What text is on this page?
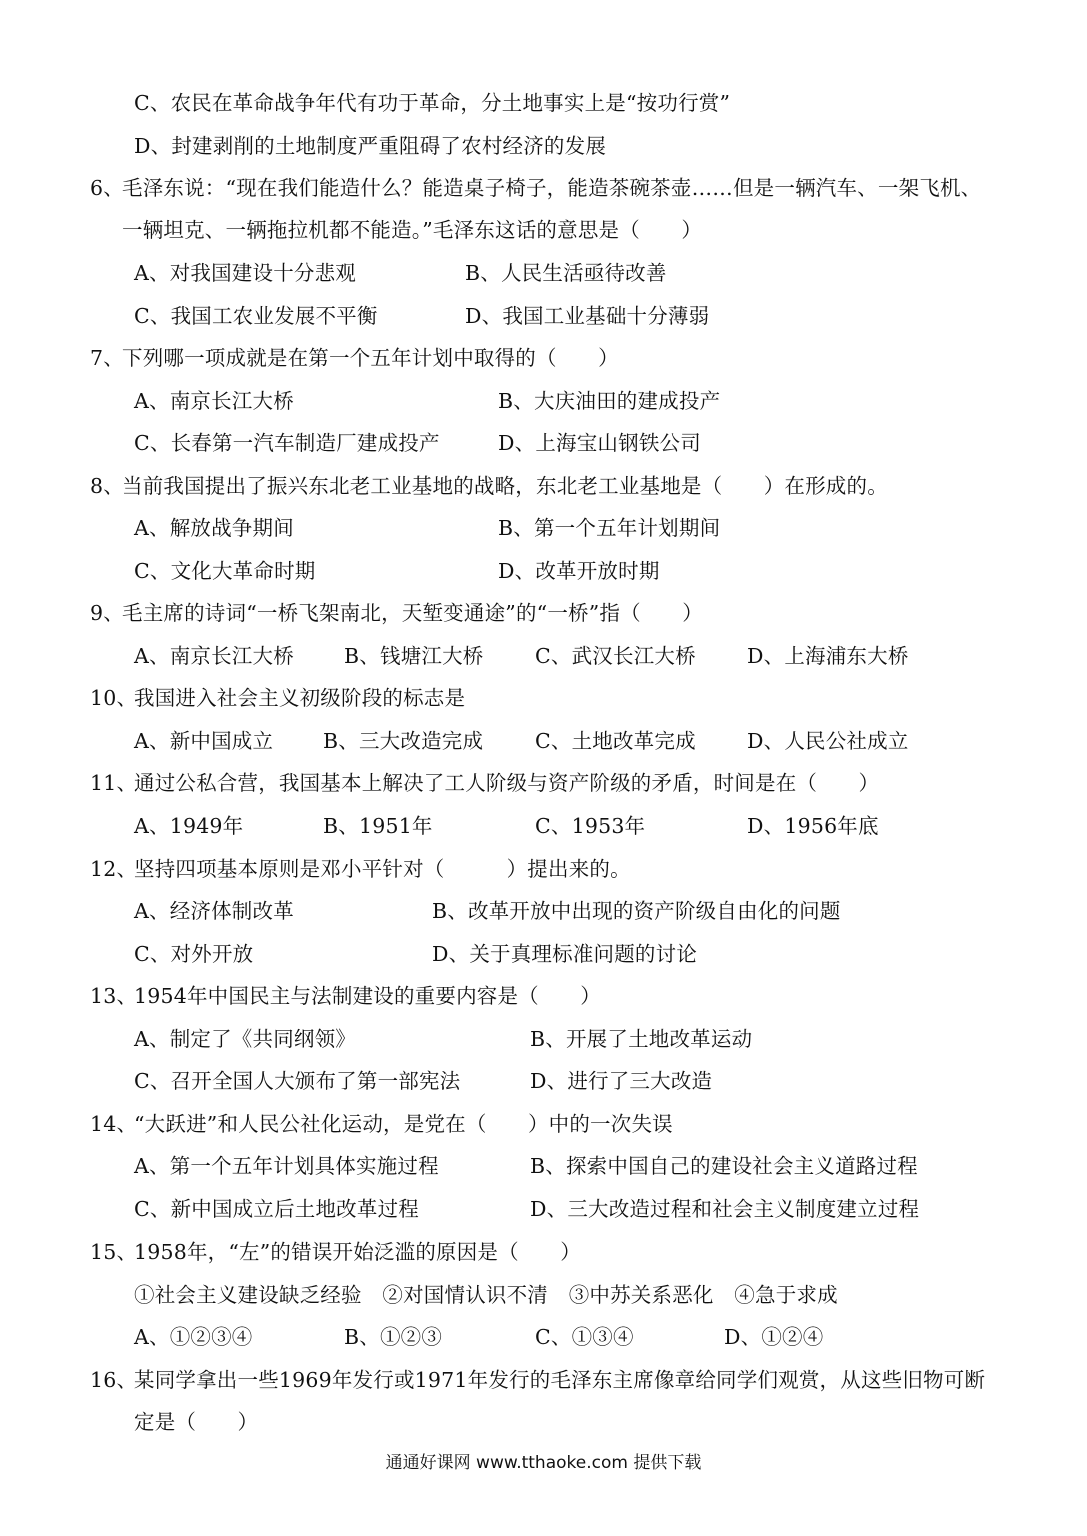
C、农民在革命战争年代有功于革命，分土地事实上是“按功行赏”
D、封建剥削的土地制度严重阻碍了农村经济的发展
6、
毛泽东说：“现在我们能造什么？能造桌子椅子，能造茶碗茶壶……但是一辆汽车、一架飞机、
一辆坦克、一辆拖拉机都不能造。”毛泽东这话的意思是（　　）
A、对我国建设十分悲观	B、人民生活亟待改善
C、我国工农业发展不平衡	D、我国工业基础十分薄弱
7、
下列哪一项成就是在第一个五年计划中取得的（　　）
A、南京长江大桥	B、大庆油田的建成投产
C、长春第一汽车制造厂建成投产	D、上海宝山钢铁公司
8、
当前我国提出了振兴东北老工业基地的战略，东北老工业基地是（　　）在形成的。
A、解放战争期间	B、第一个五年计划期间
C、文化大革命时期	D、改革开放时期
9、
毛主席的诗词“一桥飞架南北，天堑变通途”的“一桥”指（　　）
A、南京长江大桥 B、钱塘江大桥	C、武汉长江大桥 D、上海浦东大桥
10、
我国进入社会主义初级阶段的标志是
A、新中国成立 B、三大改造完成	C、土地改革完成 D、人民公社成立
11、
通过公私合营，我国基本上解决了工人阶级与资产阶级的矛盾，时间是在（　　）
A、1949年	B、1951年	C、1953年	D、1956年底
12、
坚持四项基本原则是邓小平针对（　　　）提出来的。
A、经济体制改革	B、改革开放中出现的资产阶级自由化的问题
C、对外开放	D、关于真理标准问题的讨论
13、
1954年中国民主与法制建设的重要内容是（　　）
A、制定了《共同纲领》	B、开展了土地改革运动
C、召开全国人大颁布了第一部宪法	D、进行了三大改造
14、
“大跃进”和人民公社化运动，是党在（　　）中的一次失误
A、第一个五年计划具体实施过程	B、探索中国自己的建设社会主义道路过程
C、新中国成立后土地改革过程	D、三大改造过程和社会主义制度建立过程
15、
1958年，“左”的错误开始泛滥的原因是（　　）
①社会主义建设缺乏经验　②对国情认识不清　③中苏关系恶化　④急于求成
A、①②③④	B、①②③	C、①③④	D、①②④
16、
某同学拿出一些1969年发行或1971年发行的毛泽东主席像章给同学们观赏，从这些旧物可断
定是（　　）
通通好课网 www.tthaoke.com 提供下载
